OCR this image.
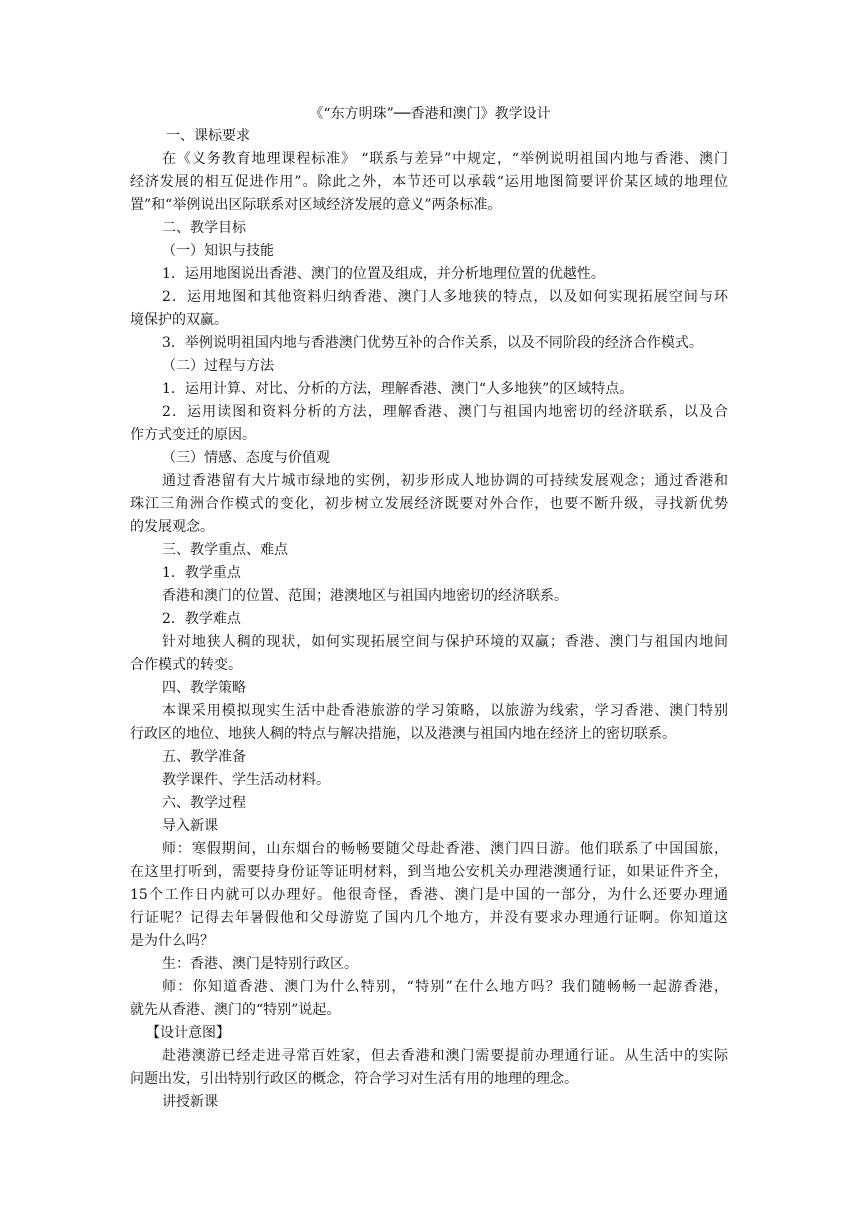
《“东方明珠”──香港和澳门》教学设计
一、课标要求
在《义务教育地理课程标准》 “联系与差异”中规定，“举例说明祖国内地与香港、澳门
经济发展的相互促进作用”。除此之外，本节还可以承载“运用地图简要评价某区域的地理位
置”和“举例说出区际联系对区域经济发展的意义”两条标准。
二、教学目标
（一）知识与技能
1．运用地图说出香港、澳门的位置及组成，并分析地理位置的优越性。
2．运用地图和其他资料归纳香港、澳门人多地狭的特点，以及如何实现拓展空间与环
境保护的双赢。
3．举例说明祖国内地与香港澳门优势互补的合作关系，以及不同阶段的经济合作模式。
（二）过程与方法
1．运用计算、对比、分析的方法，理解香港、澳门“人多地狭”的区域特点。
2．运用读图和资料分析的方法，理解香港、澳门与祖国内地密切的经济联系，以及合
作方式变迁的原因。
（三）情感、态度与价值观
通过香港留有大片城市绿地的实例，初步形成人地协调的可持续发展观念；通过香港和
珠江三角洲合作模式的变化，初步树立发展经济既要对外合作，也要不断升级，寻找新优势
的发展观念。
三、教学重点、难点
1．教学重点
香港和澳门的位置、范围；港澳地区与祖国内地密切的经济联系。
2．教学难点
针对地狭人稠的现状，如何实现拓展空间与保护环境的双赢；香港、澳门与祖国内地间
合作模式的转变。
四、教学策略
本课采用模拟现实生活中赴香港旅游的学习策略，以旅游为线索，学习香港、澳门特别
行政区的地位、地狭人稠的特点与解决措施，以及港澳与祖国内地在经济上的密切联系。
五、教学准备
教学课件、学生活动材料。
六、教学过程
导入新课
师：寒假期间，山东烟台的畅畅要随父母赴香港、澳门四日游。他们联系了中国国旅，
在这里打听到，需要持身份证等证明材料，到当地公安机关办理港澳通行证，如果证件齐全，
15个工作日内就可以办理好。他很奇怪，香港、澳门是中国的一部分，为什么还要办理通
行证呢？记得去年暑假他和父母游览了国内几个地方，并没有要求办理通行证啊。你知道这
是为什么吗？
生：香港、澳门是特别行政区。
师：你知道香港、澳门为什么特别，“特别”在什么地方吗？我们随畅畅一起游香港，
就先从香港、澳门的“特别”说起。
【设计意图】
赴港澳游已经走进寻常百姓家，但去香港和澳门需要提前办理通行证。从生活中的实际
问题出发，引出特别行政区的概念，符合学习对生活有用的地理的理念。
讲授新课
